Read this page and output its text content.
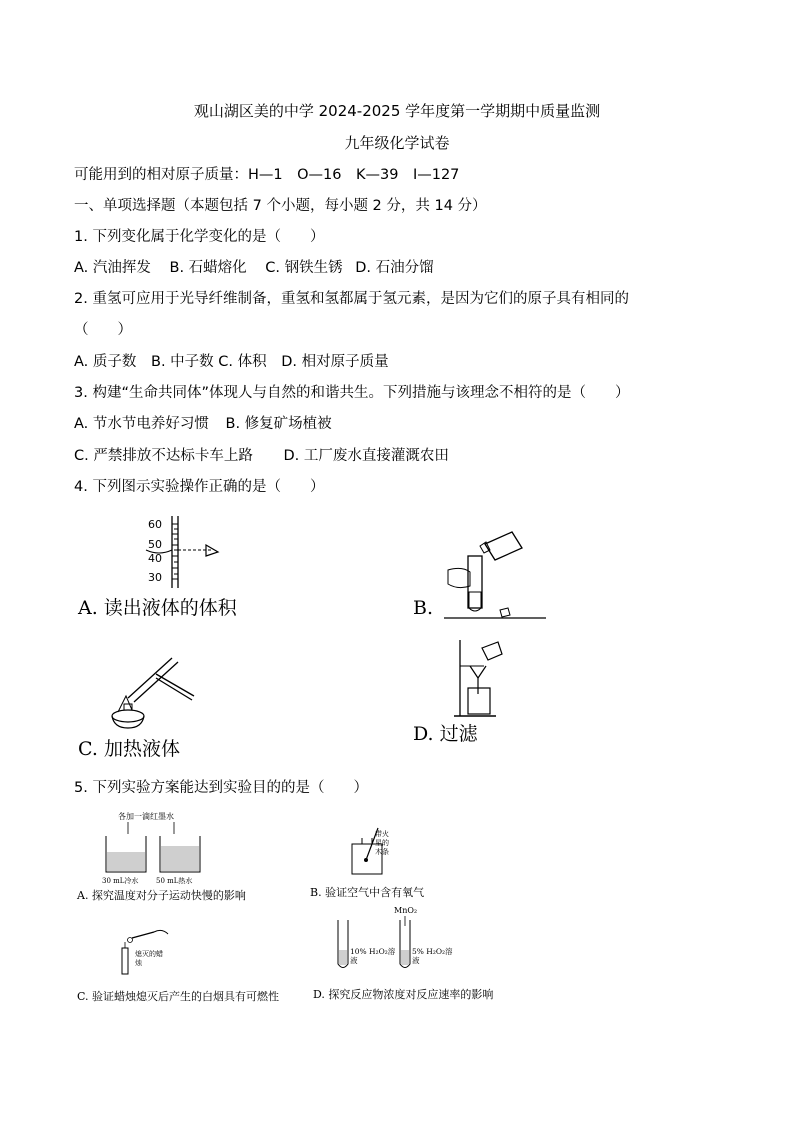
观山湖区美的中学 2024-2025 学年度第一学期期中质量监测
九年级化学试卷
可能用到的相对原子质量：H—1　O—16　K—39　I—127
一、单项选择题（本题包括 7 个小题，每小题 2 分，共 14 分）
1. 下列变化属于化学变化的是（　　）
A. 汽油挥发 B. 石蜡熔化 C. 钢铁生锈 D. 石油分馏
2. 重氢可应用于光导纤维制备，重氢和氢都属于氢元素，是因为它们的原子具有相同的
（　　）
A. 质子数 B. 中子数 C. 体积 D. 相对原子质量
3. 构建“生命共同体”体现人与自然的和谐共生。下列措施与该理念不相符的是（　　）
A. 节水节电养好习惯 B. 修复矿场植被
C. 严禁排放不达标卡车上路 D. 工厂废水直接灌溉农田
4. 下列图示实验操作正确的是（　　）
60
50
40
30
A. 读出液体的体积	B.
C. 加热液体
D. 过滤
5. 下列实验方案能达到实验目的的是（　　）
各加一滴红墨水
30 mL冷水	50 mL热水
A. 探究温度对分子运动快慢的影响
带火星的木条
B. 验证空气中含有氧气
熄灭的蜡烛
C. 验证蜡烛熄灭后产生的白烟具有可燃性
MnO₂
10% H₂O₂溶液
5% H₂O₂溶液
D. 探究反应物浓度对反应速率的影响
